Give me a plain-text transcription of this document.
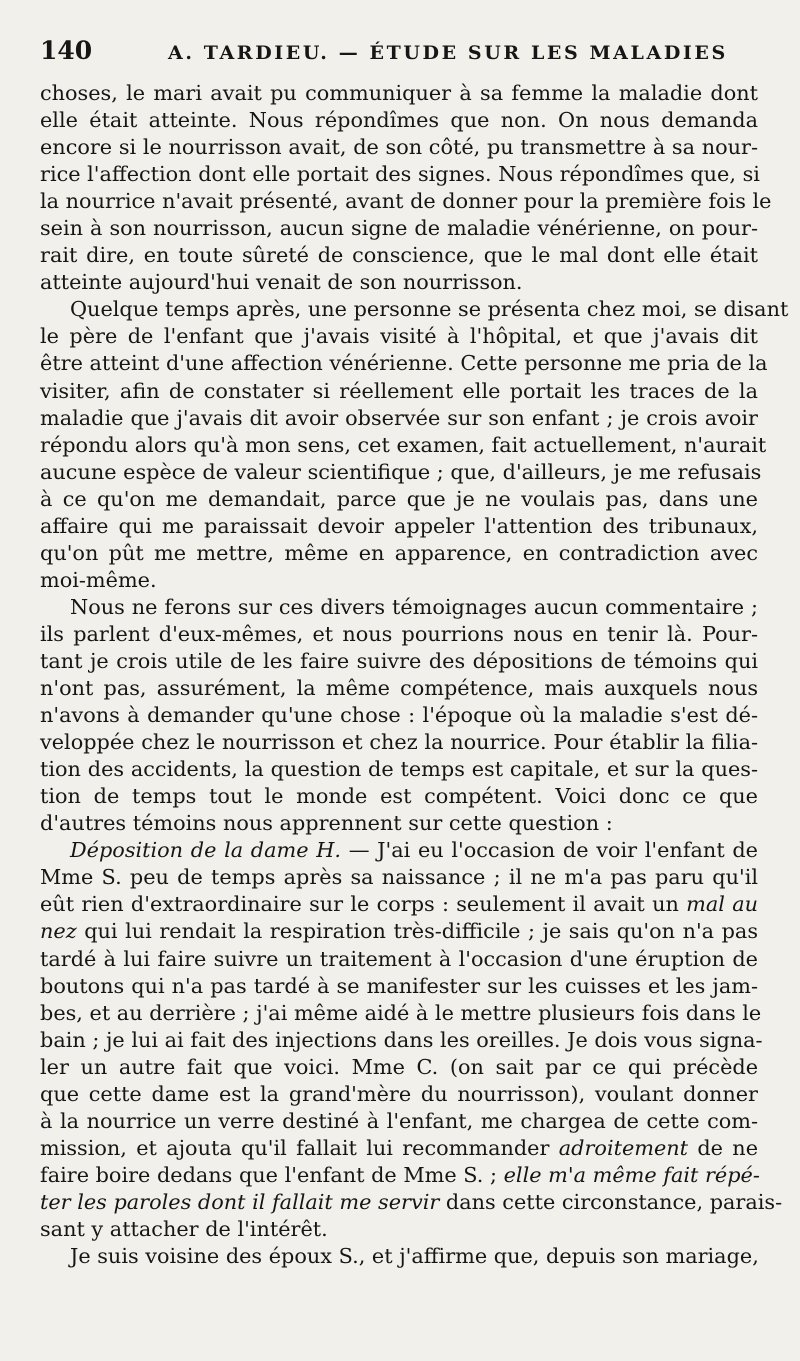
140	A. TARDIEU. — ÉTUDE SUR LES MALADIES
choses, le mari avait pu communiquer à sa femme la maladie dont
elle était atteinte. Nous répondîmes que non. On nous demanda
encore si le nourrisson avait, de son côté, pu transmettre à sa nour-
rice l'affection dont elle portait des signes. Nous répondîmes que, si
la nourrice n'avait présenté, avant de donner pour la première fois le
sein à son nourrisson, aucun signe de maladie vénérienne, on pour-
rait dire, en toute sûreté de conscience, que le mal dont elle était
atteinte aujourd'hui venait de son nourrisson.
Quelque temps après, une personne se présenta chez moi, se disant
le père de l'enfant que j'avais visité à l'hôpital, et que j'avais dit
être atteint d'une affection vénérienne. Cette personne me pria de la
visiter, afin de constater si réellement elle portait les traces de la
maladie que j'avais dit avoir observée sur son enfant ; je crois avoir
répondu alors qu'à mon sens, cet examen, fait actuellement, n'aurait
aucune espèce de valeur scientifique ; que, d'ailleurs, je me refusais
à ce qu'on me demandait, parce que je ne voulais pas, dans une
affaire qui me paraissait devoir appeler l'attention des tribunaux,
qu'on pût me mettre, même en apparence, en contradiction avec
moi-même.
Nous ne ferons sur ces divers témoignages aucun commentaire ;
ils parlent d'eux-mêmes, et nous pourrions nous en tenir là. Pour-
tant je crois utile de les faire suivre des dépositions de témoins qui
n'ont pas, assurément, la même compétence, mais auxquels nous
n'avons à demander qu'une chose : l'époque où la maladie s'est dé-
veloppée chez le nourrisson et chez la nourrice. Pour établir la filia-
tion des accidents, la question de temps est capitale, et sur la ques-
tion de temps tout le monde est compétent. Voici donc ce que
d'autres témoins nous apprennent sur cette question :
Déposition de la dame H. — J'ai eu l'occasion de voir l'enfant de
Mme S. peu de temps après sa naissance ; il ne m'a pas paru qu'il
eût rien d'extraordinaire sur le corps : seulement il avait un mal au
nez qui lui rendait la respiration très-difficile ; je sais qu'on n'a pas
tardé à lui faire suivre un traitement à l'occasion d'une éruption de
boutons qui n'a pas tardé à se manifester sur les cuisses et les jam-
bes, et au derrière ; j'ai même aidé à le mettre plusieurs fois dans le
bain ; je lui ai fait des injections dans les oreilles. Je dois vous signa-
ler un autre fait que voici. Mme C. (on sait par ce qui précède
que cette dame est la grand'mère du nourrisson), voulant donner
à la nourrice un verre destiné à l'enfant, me chargea de cette com-
mission, et ajouta qu'il fallait lui recommander adroitement de ne
faire boire dedans que l'enfant de Mme S. ; elle m'a même fait répé-
ter les paroles dont il fallait me servir dans cette circonstance, parais-
sant y attacher de l'intérêt.
Je suis voisine des époux S., et j'affirme que, depuis son mariage,
